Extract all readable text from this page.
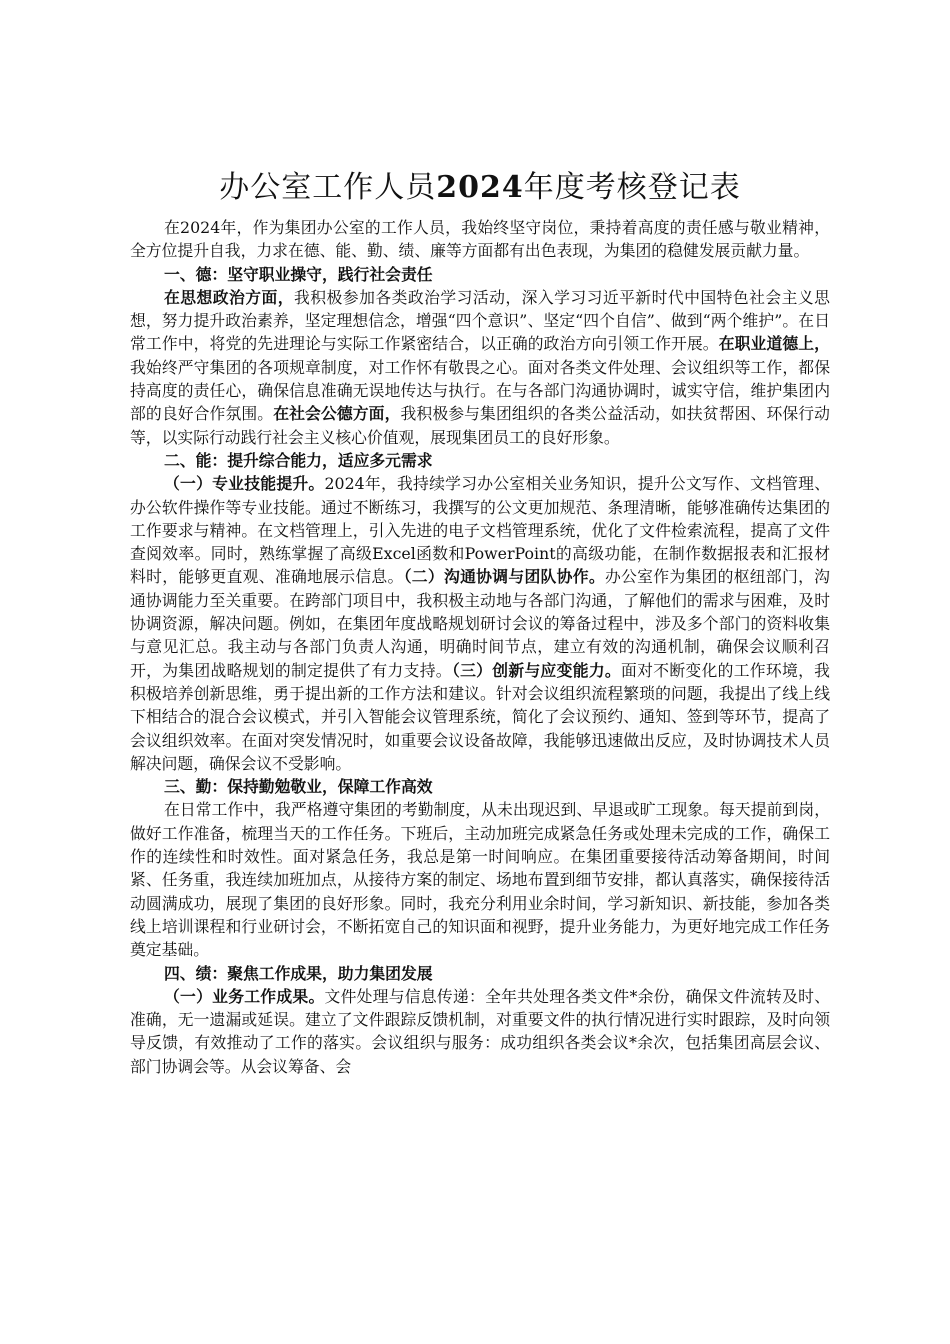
办公室工作人员2024年度考核登记表

在2024年，作为集团办公室的工作人员，我始终坚守岗位，秉持着高度的责任感与敬业精神，全方位提升自我，力求在德、能、勤、绩、廉等方面都有出色表现，为集团的稳健发展贡献力量。

一、德：坚守职业操守，践行社会责任

在思想政治方面，我积极参加各类政治学习活动，深入学习习近平新时代中国特色社会主义思想，努力提升政治素养，坚定理想信念，增强“四个意识”、坚定“四个自信”、做到“两个维护”。在日常工作中，将党的先进理论与实际工作紧密结合，以正确的政治方向引领工作开展。在职业道德上，我始终严守集团的各项规章制度，对工作怀有敬畏之心。面对各类文件处理、会议组织等工作，都保持高度的责任心，确保信息准确无误地传达与执行。在与各部门沟通协调时，诚实守信，维护集团内部的良好合作氛围。在社会公德方面，我积极参与集团组织的各类公益活动，如扶贫帮困、环保行动等，以实际行动践行社会主义核心价值观，展现集团员工的良好形象。

二、能：提升综合能力，适应多元需求

（一）专业技能提升。2024年，我持续学习办公室相关业务知识，提升公文写作、文档管理、办公软件操作等专业技能。通过不断练习，我撰写的公文更加规范、条理清晰，能够准确传达集团的工作要求与精神。在文档管理上，引入先进的电子文档管理系统，优化了文件检索流程，提高了文件查阅效率。同时，熟练掌握了高级Excel函数和PowerPoint的高级功能，在制作数据报表和汇报材料时，能够更直观、准确地展示信息。（二）沟通协调与团队协作。办公室作为集团的枢纽部门，沟通协调能力至关重要。在跨部门项目中，我积极主动地与各部门沟通，了解他们的需求与困难，及时协调资源，解决问题。例如，在集团年度战略规划研讨会议的筹备过程中，涉及多个部门的资料收集与意见汇总。我主动与各部门负责人沟通，明确时间节点，建立有效的沟通机制，确保会议顺利召开，为集团战略规划的制定提供了有力支持。（三）创新与应变能力。面对不断变化的工作环境，我积极培养创新思维，勇于提出新的工作方法和建议。针对会议组织流程繁琐的问题，我提出了线上线下相结合的混合会议模式，并引入智能会议管理系统，简化了会议预约、通知、签到等环节，提高了会议组织效率。在面对突发情况时，如重要会议设备故障，我能够迅速做出反应，及时协调技术人员解决问题，确保会议不受影响。

三、勤：保持勤勉敬业，保障工作高效

在日常工作中，我严格遵守集团的考勤制度，从未出现迟到、早退或旷工现象。每天提前到岗，做好工作准备，梳理当天的工作任务。下班后，主动加班完成紧急任务或处理未完成的工作，确保工作的连续性和时效性。面对紧急任务，我总是第一时间响应。在集团重要接待活动筹备期间，时间紧、任务重，我连续加班加点，从接待方案的制定、场地布置到细节安排，都认真落实，确保接待活动圆满成功，展现了集团的良好形象。同时，我充分利用业余时间，学习新知识、新技能，参加各类线上培训课程和行业研讨会，不断拓宽自己的知识面和视野，提升业务能力，为更好地完成工作任务奠定基础。

四、绩：聚焦工作成果，助力集团发展

（一）业务工作成果。文件处理与信息传递：全年共处理各类文件*余份，确保文件流转及时、准确，无一遗漏或延误。建立了文件跟踪反馈机制，对重要文件的执行情况进行实时跟踪，及时向领导反馈，有效推动了工作的落实。会议组织与服务：成功组织各类会议*余次，包括集团高层会议、部门协调会等。从会议筹备、会
